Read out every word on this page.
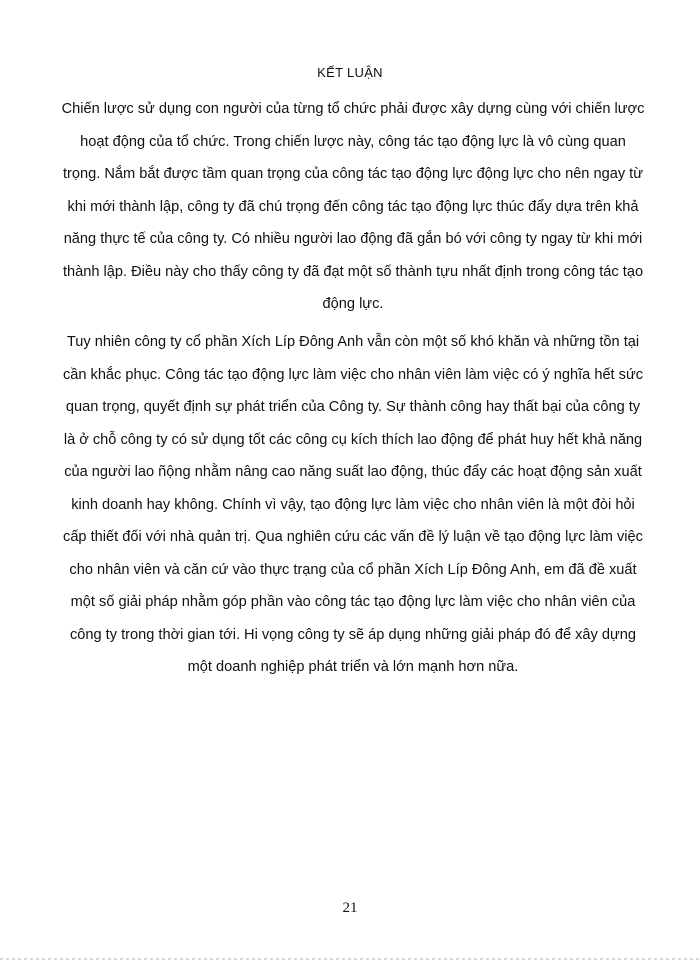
KẾT LUẬN

Chiến lược sử dụng con người của từng tổ chức phải được xây dựng cùng với chiến lược hoạt động của tổ chức. Trong chiến lược này, công tác tạo động lực là vô cùng quan trọng. Nắm bắt được tầm quan trọng của công tác tạo động lực động lực cho nên ngay từ khi mới thành lập, công ty đã chú trọng đến công tác tạo động lực thúc đẩy dựa trên khả năng thực tế của công ty. Có nhiều người lao động đã gắn bó với công ty ngay từ khi mới thành lập. Điều này cho thấy công ty đã đạt một số thành tựu nhất định trong công tác tạo động lực.

Tuy nhiên công ty cổ phần Xích Líp Đông Anh vẫn còn một số khó khăn và những tồn tại cần khắc phục. Công tác tạo động lực làm việc cho nhân viên làm việc có ý nghĩa hết sức quan trọng, quyết định sự phát triển của Công ty. Sự thành công hay thất bại của công ty là ở chỗ công ty có sử dụng tốt các công cụ kích thích lao động để phát huy hết khả năng của người lao ñộng nhằm nâng cao năng suất lao động, thúc đẩy các hoạt động sản xuất kinh doanh hay không. Chính vì vậy, tạo động lực làm việc cho nhân viên là một đòi hỏi cấp thiết đối với nhà quản trị. Qua nghiên cứu các vấn đề lý luận về tạo động lực làm việc cho nhân viên và căn cứ vào thực trạng của cổ phần Xích Líp Đông Anh, em đã đề xuất một số giải pháp nhằm góp phần vào công tác tạo động lực làm việc cho nhân viên của công ty trong thời gian tới. Hi vọng công ty sẽ áp dụng những giải pháp đó để xây dựng một doanh nghiệp phát triển và lớn mạnh hơn nữa.

21
